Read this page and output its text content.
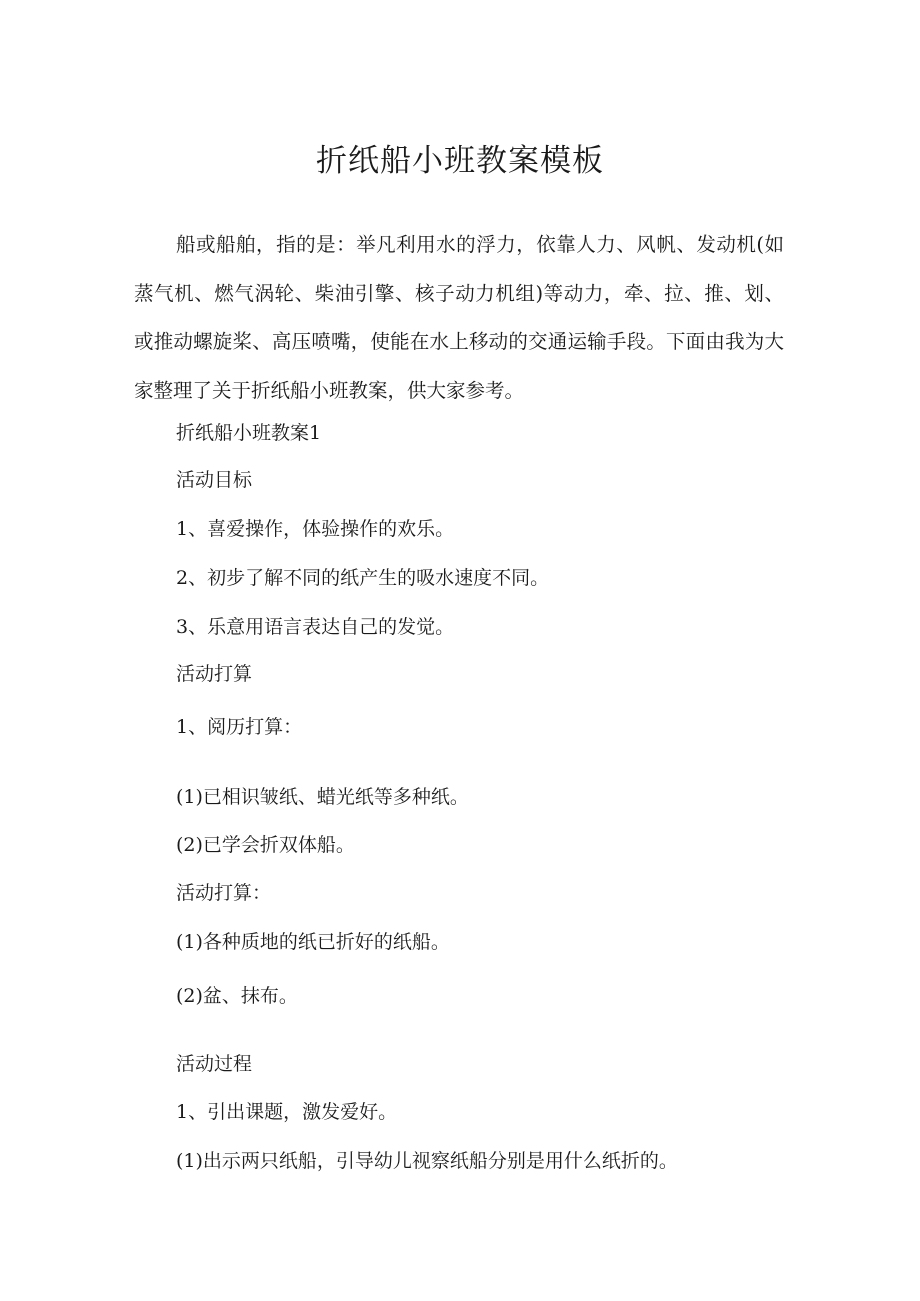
折纸船小班教案模板

船或船舶，指的是：举凡利用水的浮力，依靠人力、风帆、发动机(如蒸气机、燃气涡轮、柴油引擎、核子动力机组)等动力，牵、拉、推、划、或推动螺旋桨、高压喷嘴，使能在水上移动的交通运输手段。下面由我为大家整理了关于折纸船小班教案，供大家参考。

折纸船小班教案1

活动目标

1、喜爱操作，体验操作的欢乐。

2、初步了解不同的纸产生的吸水速度不同。

3、乐意用语言表达自己的发觉。

活动打算

1、阅历打算：

(1)已相识皱纸、蜡光纸等多种纸。

(2)已学会折双体船。

活动打算：

(1)各种质地的纸已折好的纸船。

(2)盆、抹布。

活动过程

1、引出课题，激发爱好。

(1)出示两只纸船，引导幼儿视察纸船分别是用什么纸折的。
